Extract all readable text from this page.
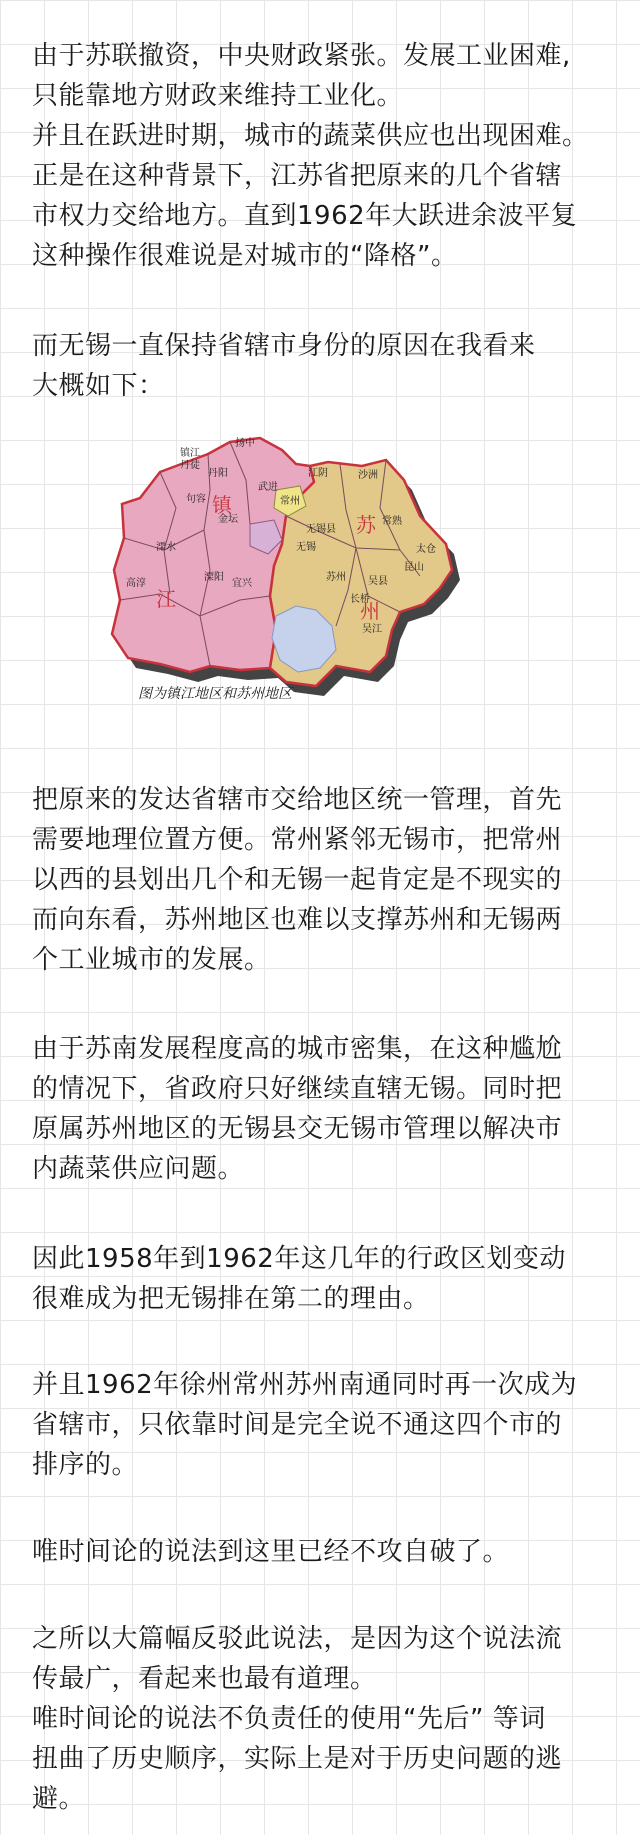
由于苏联撤资，中央财政紧张。发展工业困难,
只能靠地方财政来维持工业化。
并且在跃进时期，城市的蔬菜供应也出现困难。
正是在这种背景下，江苏省把原来的几个省辖
市权力交给地方。直到1962年大跃进余波平复
这种操作很难说是对城市的“降格”。

而无锡一直保持省辖市身份的原因在我看来
大概如下：

镇
江
苏
州
扬中
镇江
丹徒
丹阳
句容
武进
金坛
常州
溧阳
溧水
宜兴
高淳
江阴	沙洲
无锡
常熟
太仓
昆山
苏州 吴县
吴江
长桥
无锡县
图为镇江地区和苏州地区

把原来的发达省辖市交给地区统一管理，首先
需要地理位置方便。常州紧邻无锡市，把常州
以西的县划出几个和无锡一起肯定是不现实的
而向东看，苏州地区也难以支撑苏州和无锡两
个工业城市的发展。

由于苏南发展程度高的城市密集，在这种尴尬
的情况下，省政府只好继续直辖无锡。同时把
原属苏州地区的无锡县交无锡市管理以解决市
内蔬菜供应问题。

因此1958年到1962年这几年的行政区划变动
很难成为把无锡排在第二的理由。

并且1962年徐州常州苏州南通同时再一次成为
省辖市，只依靠时间是完全说不通这四个市的
排序的。

唯时间论的说法到这里已经不攻自破了。

之所以大篇幅反驳此说法，是因为这个说法流
传最广，看起来也最有道理。
唯时间论的说法不负责任的使用“先后” 等词
扭曲了历史顺序，实际上是对于历史问题的逃
避。
